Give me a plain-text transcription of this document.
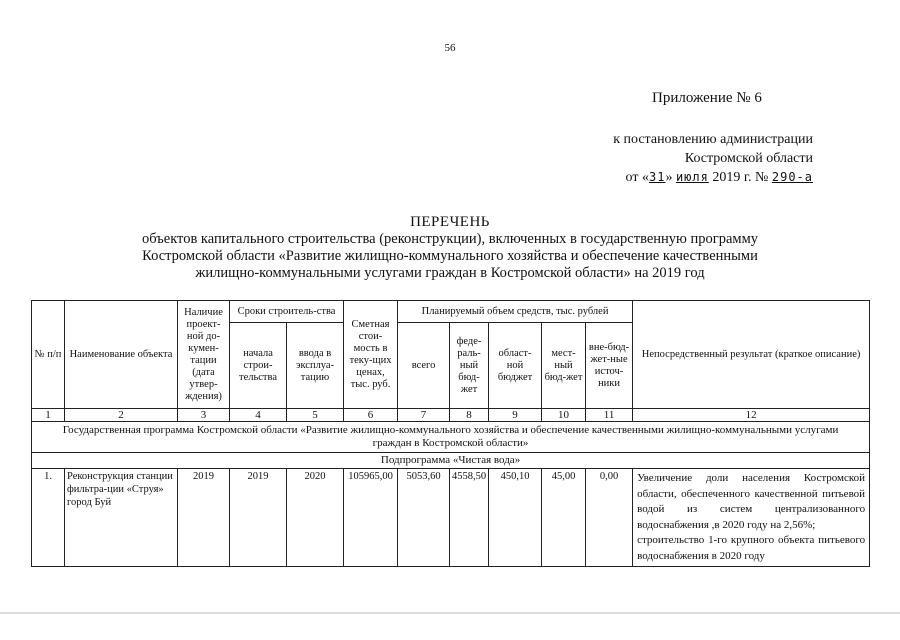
56
Приложение № 6
к постановлению администрации
Костромской области
от «31» июля 2019 г. № 290-а
ПЕРЕЧЕНЬ
объектов капитального строительства (реконструкции), включенных в государственную программу
Костромской области «Развитие жилищно-коммунального хозяйства и обеспечение качественными
жилищно-коммунальными услугами граждан в Костромской области» на 2019 год
№ п/п	Наименование объекта	Наличие проект-ной до-кумен-тации (дата утвер-ждения)	Сроки строитель-ства		Сметная стои-мость в теку-щих ценах, тыс. руб.	Планируемый объем средств, тыс. рублей					Непосредственный результат (краткое описание)
			начала строи-тельства	ввода в эксплуа-тацию		всего	феде-раль-ный бюд-жет	област-ной бюджет	мест-ный бюд-жет	вне-бюд-жет-ные источ-ники	
1	2	3	4	5	6	7	8	9	10	11	12
Государственная программа Костромской области «Развитие жилищно-коммунального хозяйства и обеспечение качественными жилищно-коммунальными услугами граждан в Костромской области»											
Подпрограмма «Чистая вода»											
1.	Реконструкция станции фильтра-ции «Струя» город Буй	2019	2019	2020	105965,00	5053,60	4558,50	450,10	45,00	0,00	Увеличение доли населения Костромской области, обеспеченного качественной питьевой водой из систем централизованного водоснабжения ,в 2020 году на 2,56%;
строительство 1-го крупного объекта питьевого водоснабжения в 2020 году
